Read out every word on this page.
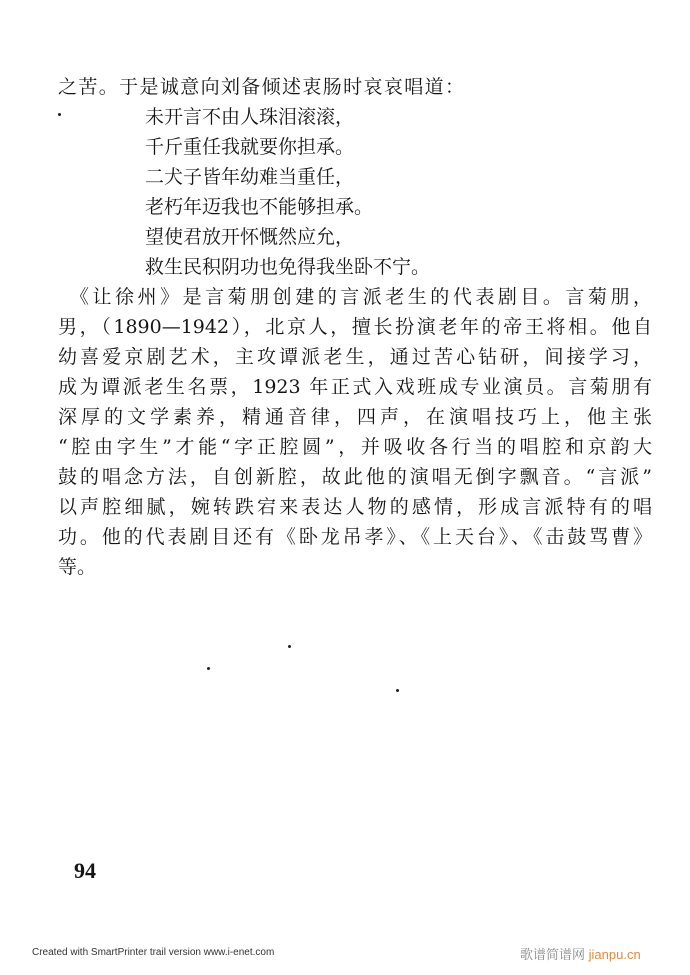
之苦。于是诚意向刘备倾述衷肠时哀哀唱道：
未开言不由人珠泪滚滚，
千斤重任我就要你担承。
二犬子皆年幼难当重任，
老朽年迈我也不能够担承。
望使君放开怀慨然应允，
救生民积阴功也免得我坐卧不宁。
《让徐州》是言菊朋创建的言派老生的代表剧目。言菊朋，
男，（1890—1942），北京人，擅长扮演老年的帝王将相。他自
幼喜爱京剧艺术，主攻谭派老生，通过苦心钻研，间接学习，
成为谭派老生名票，1923 年正式入戏班成专业演员。言菊朋有
深厚的文学素养，精通音律，四声，在演唱技巧上，他主张
“腔由字生”才能“字正腔圆”，并吸收各行当的唱腔和京韵大
鼓的唱念方法，自创新腔，故此他的演唱无倒字飘音。“言派”
以声腔细腻，婉转跌宕来表达人物的感情，形成言派特有的唱
功。他的代表剧目还有《卧龙吊孝》、《上天台》、《击鼓骂曹》
等。
94
Created with SmartPrinter trail version www.i-enet.com	歌谱简谱网 jianpu.cn
